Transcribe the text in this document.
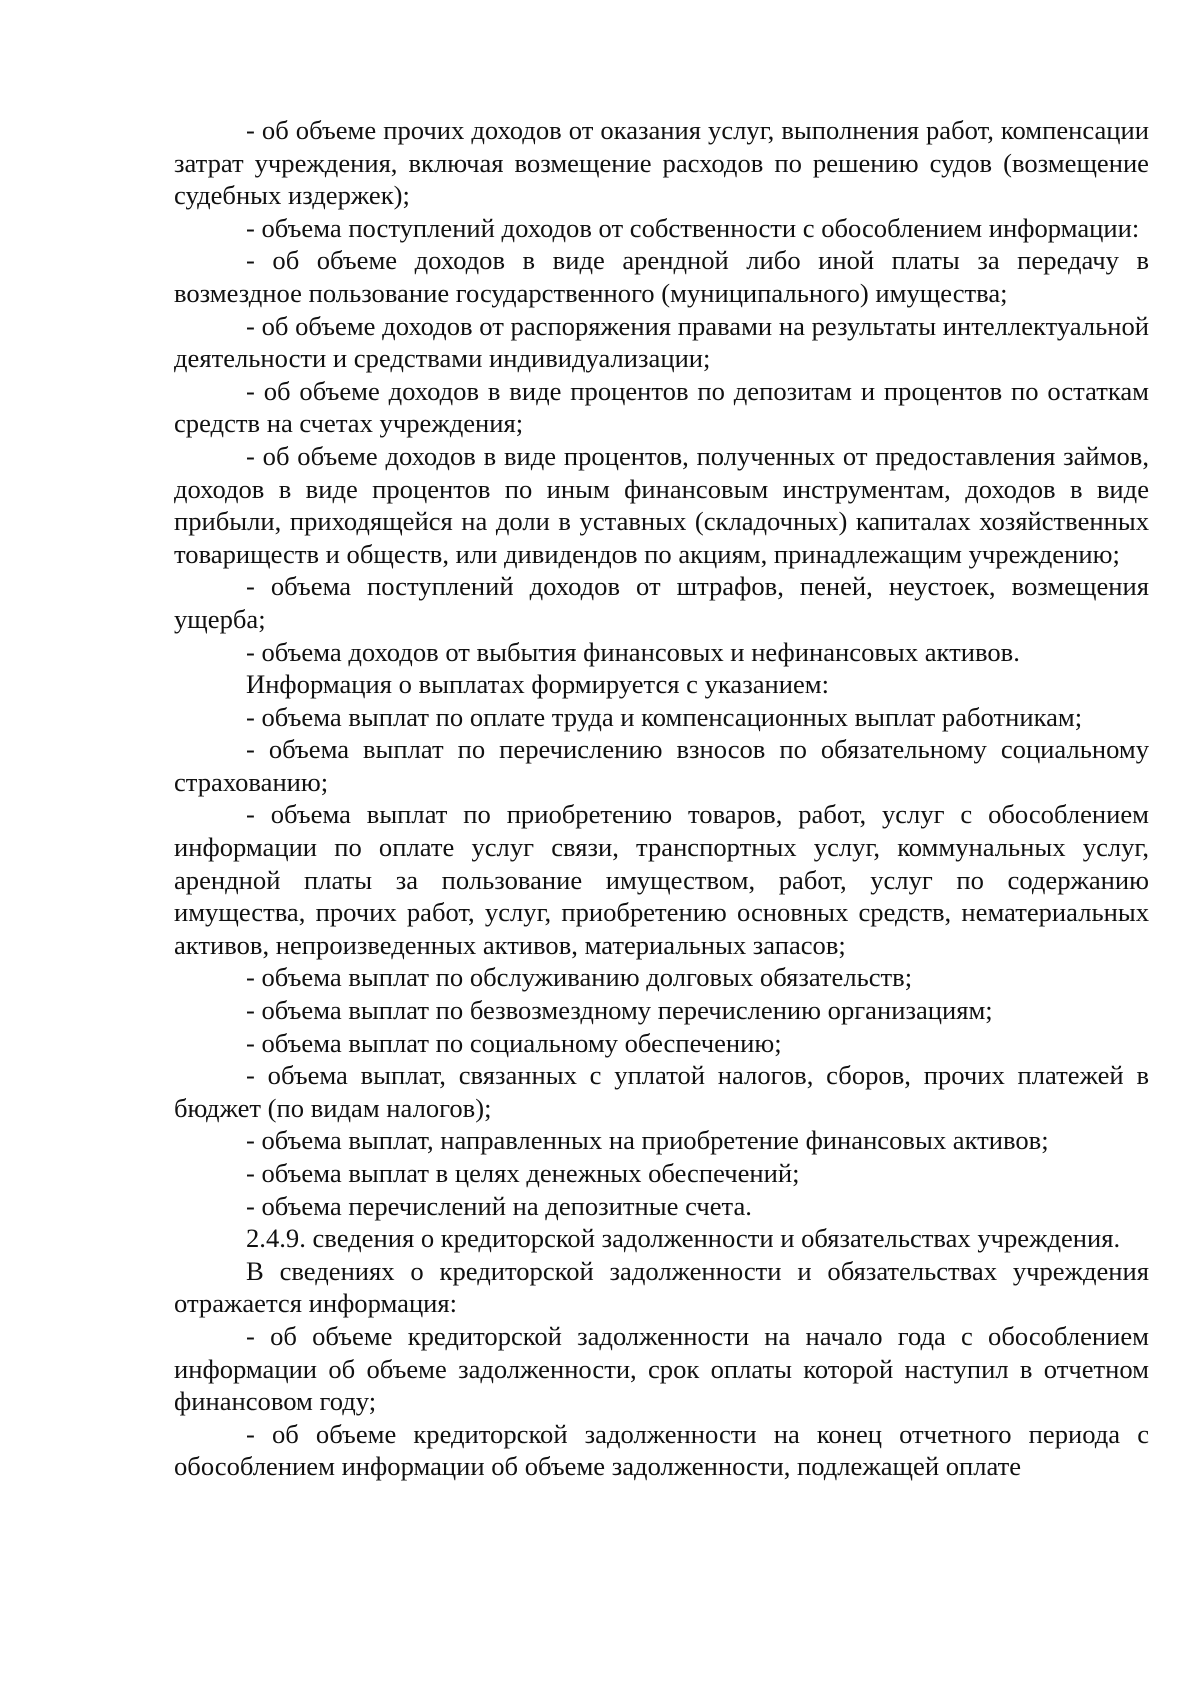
- об объеме прочих доходов от оказания услуг, выполнения работ, компенсации затрат учреждения, включая возмещение расходов по решению судов (возмещение судебных издержек);

- объема поступлений доходов от собственности с обособлением информации:

- об объеме доходов в виде арендной либо иной платы за передачу в возмездное пользование государственного (муниципального) имущества;

- об объеме доходов от распоряжения правами на результаты интеллектуальной деятельности и средствами индивидуализации;

- об объеме доходов в виде процентов по депозитам и процентов по остаткам средств на счетах учреждения;

- об объеме доходов в виде процентов, полученных от предоставления займов, доходов в виде процентов по иным финансовым инструментам, доходов в виде прибыли, приходящейся на доли в уставных (складочных) капиталах хозяйственных товариществ и обществ, или дивидендов по акциям, принадлежащим учреждению;

- объема поступлений доходов от штрафов, пеней, неустоек, возмещения ущерба;

- объема доходов от выбытия финансовых и нефинансовых активов.

Информация о выплатах формируется с указанием:

- объема выплат по оплате труда и компенсационных выплат работникам;

- объема выплат по перечислению взносов по обязательному социальному страхованию;

- объема выплат по приобретению товаров, работ, услуг с обособлением информации по оплате услуг связи, транспортных услуг, коммунальных услуг, арендной платы за пользование имуществом, работ, услуг по содержанию имущества, прочих работ, услуг, приобретению основных средств, нематериальных активов, непроизведенных активов, материальных запасов;

- объема выплат по обслуживанию долговых обязательств;

- объема выплат по безвозмездному перечислению организациям;

- объема выплат по социальному обеспечению;

- объема выплат, связанных с уплатой налогов, сборов, прочих платежей в бюджет (по видам налогов);

- объема выплат, направленных на приобретение финансовых активов;

- объема выплат в целях денежных обеспечений;

- объема перечислений на депозитные счета.

2.4.9. сведения о кредиторской задолженности и обязательствах учреждения.

В сведениях о кредиторской задолженности и обязательствах учреждения отражается информация:

- об объеме кредиторской задолженности на начало года с обособлением информации об объеме задолженности, срок оплаты которой наступил в отчетном финансовом году;

- об объеме кредиторской задолженности на конец отчетного периода с обособлением информации об объеме задолженности, подлежащей оплате
